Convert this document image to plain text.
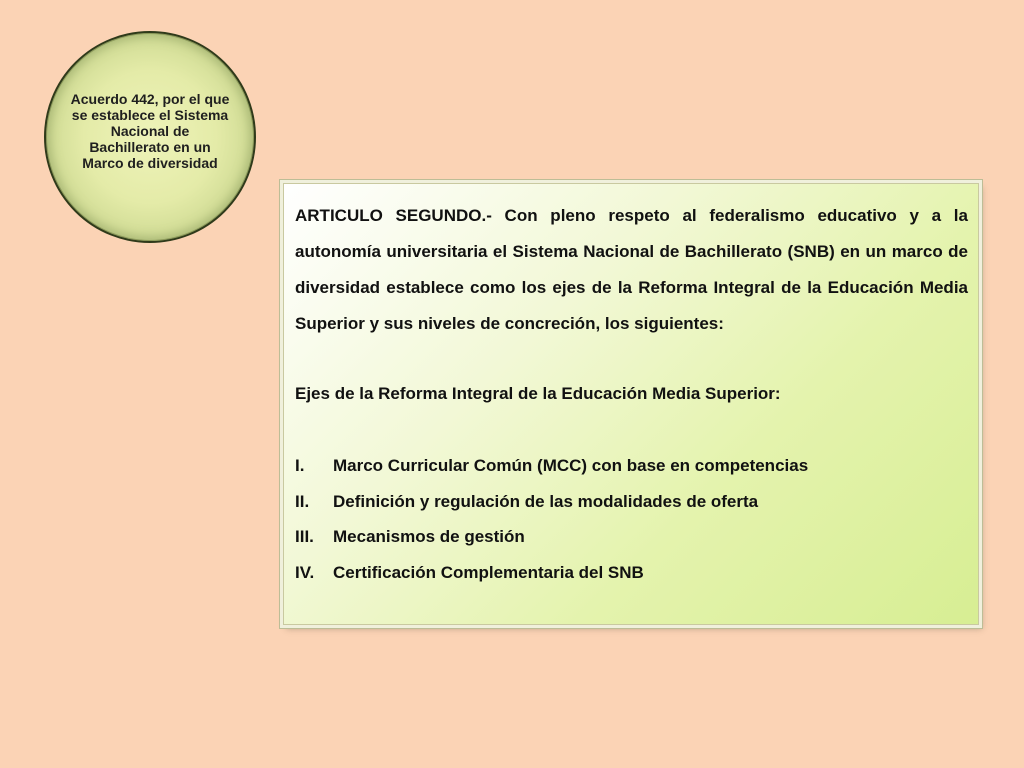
Acuerdo 442, por el que se establece el Sistema Nacional de Bachillerato en un Marco de diversidad

ARTICULO SEGUNDO.- Con pleno respeto al federalismo educativo y a la autonomía universitaria el Sistema Nacional de Bachillerato (SNB) en un marco de diversidad establece como los ejes de la Reforma Integral de la Educación Media Superior y sus niveles de concreción, los siguientes:

Ejes de la Reforma Integral de la Educación Media Superior:

I.	Marco Curricular Común (MCC) con base en competencias
II.	Definición y regulación de las modalidades de oferta
III.	Mecanismos de gestión
IV.	Certificación Complementaria del SNB
